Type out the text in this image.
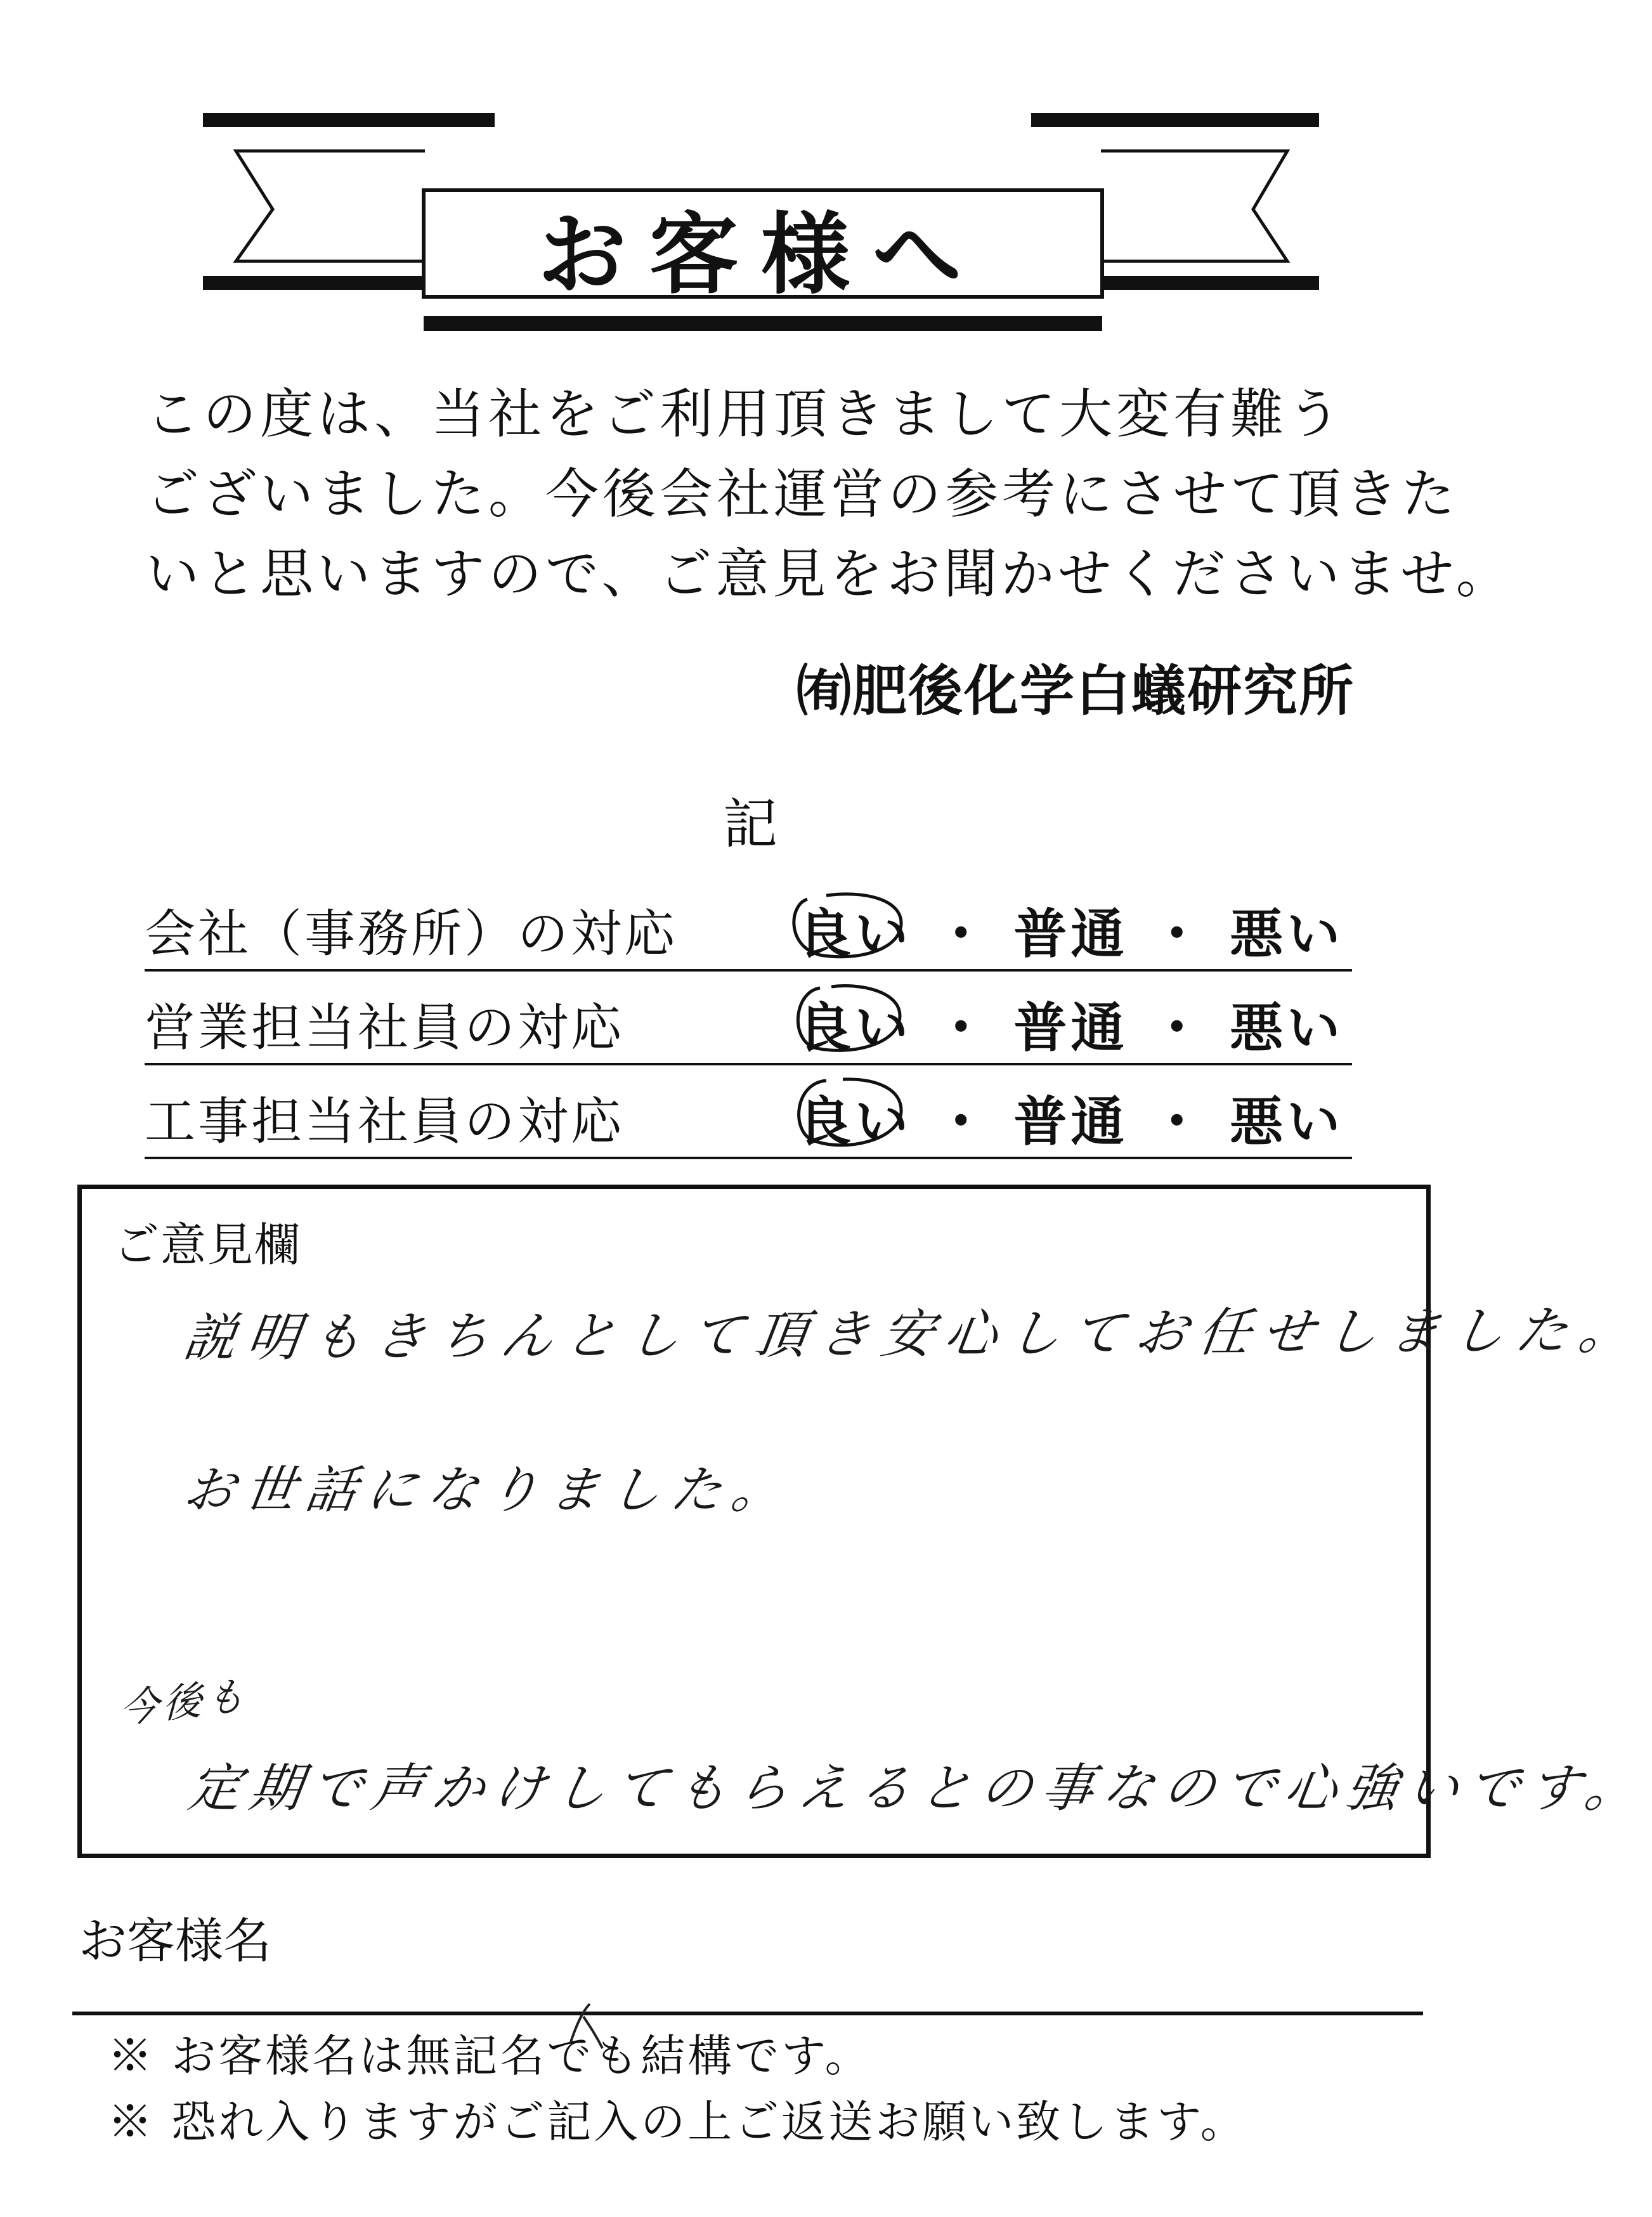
お客様へ
この度は、当社をご利用頂きまして大変有難う
ございました。今後会社運営の参考にさせて頂きた
いと思いますので、ご意見をお聞かせくださいませ。
㈲肥後化学白蟻研究所
記
会社（事務所）の対応 良い ・ 普通 ・ 悪い
営業担当社員の対応	良い ・ 普通 ・ 悪い
工事担当社員の対応	良い ・ 普通 ・ 悪い
ご意見欄
説明もきちんとして頂き安心してお任せしました。
お世話になりました。
今後も
定期で声かけしてもらえるとの事なので心強いです。
お客様名
※ お客様名は無記名でも結構です。
※ 恐れ入りますがご記入の上ご返送お願い致します。
